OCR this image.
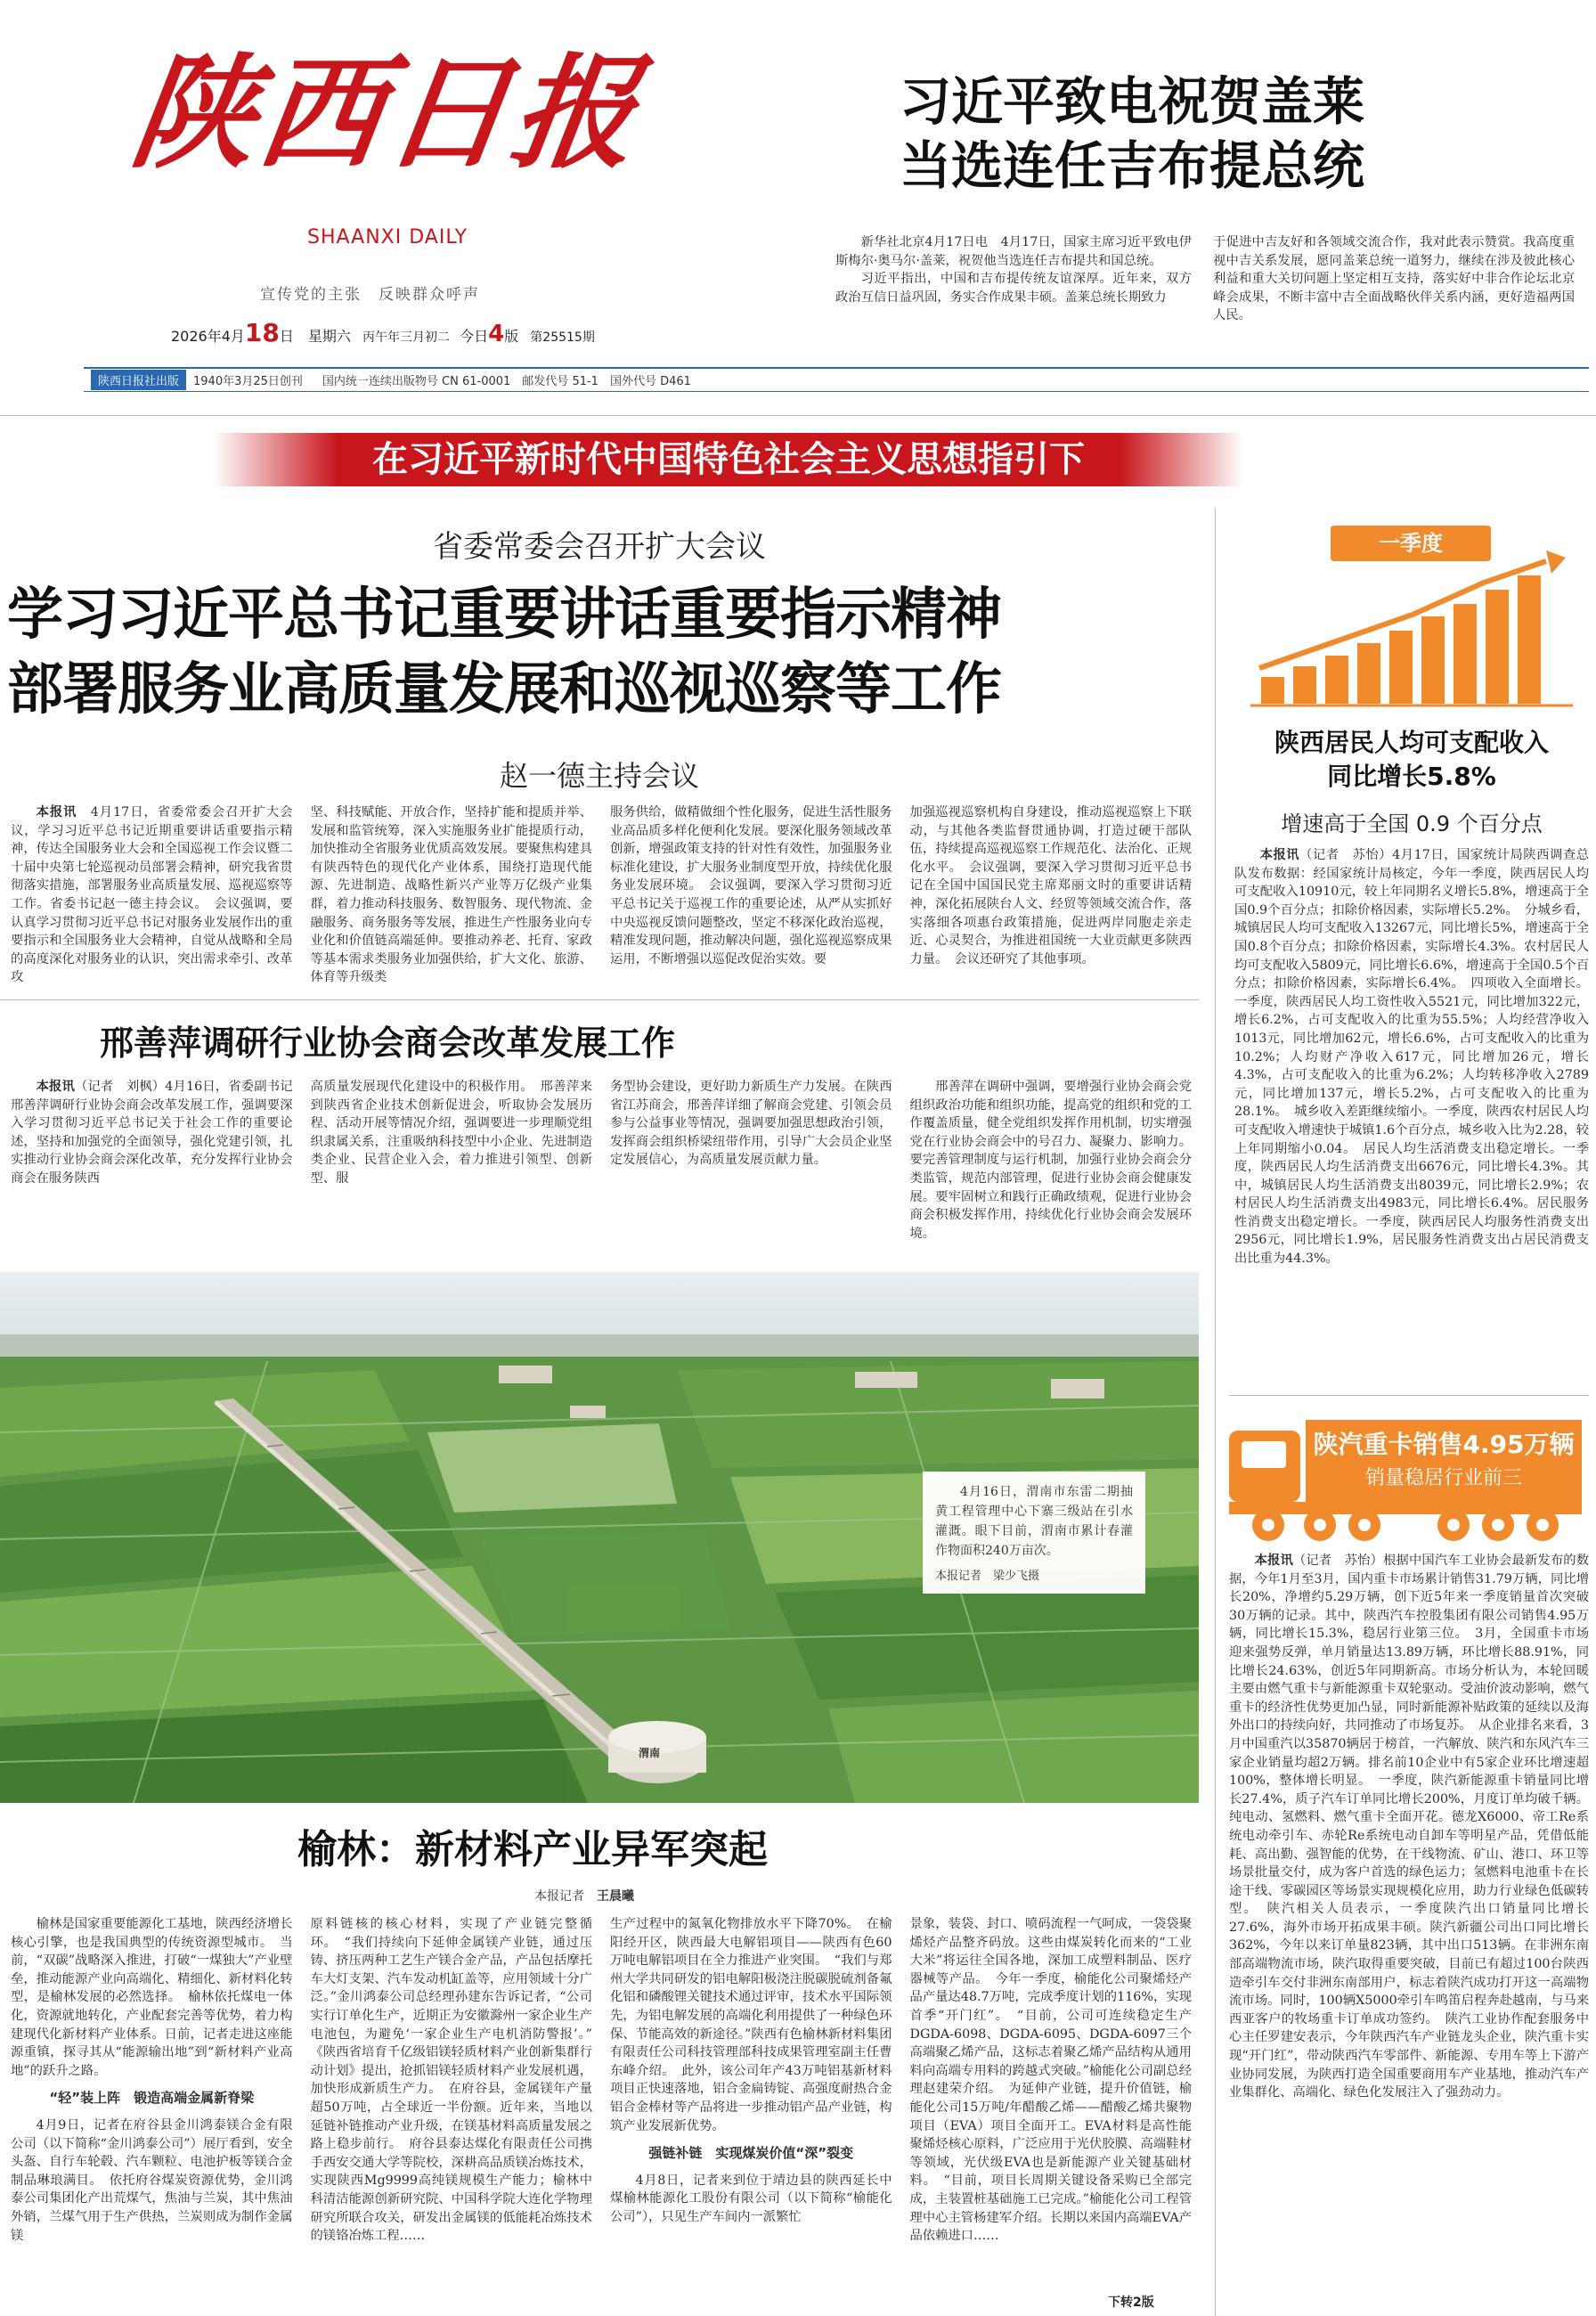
陕西日报
SHAANXI DAILY
宣传党的主张　反映群众呼声
2026年4月18日　星期六 丙午年三月初二 今日4版 第25515期
习近平致电祝贺盖莱
当选连任吉布提总统

新华社北京4月17日电　4月17日，国家主席习近平致电伊斯梅尔·奥马尔·盖莱，祝贺他当选连任吉布提共和国总统。

习近平指出，中国和吉布提传统友谊深厚。近年来，双方政治互信日益巩固，务实合作成果丰硕。盖莱总统长期致力

于促进中吉友好和各领域交流合作，我对此表示赞赏。我高度重视中吉关系发展，愿同盖莱总统一道努力，继续在涉及彼此核心利益和重大关切问题上坚定相互支持，落实好中非合作论坛北京峰会成果，不断丰富中吉全面战略伙伴关系内涵，更好造福两国人民。

陕西日报社出版	1940年3月25日创刊 国内统一连续出版物号 CN 61-0001　邮发代号 51-1　国外代号 D461
在习近平新时代中国特色社会主义思想指引下
省委常委会召开扩大会议
学习习近平总书记重要讲话重要指示精神
部署服务业高质量发展和巡视巡察等工作
赵一德主持会议

本报讯　4月17日，省委常委会召开扩大会议，学习习近平总书记近期重要讲话重要指示精神，传达全国服务业大会和全国巡视工作会议暨二十届中央第七轮巡视动员部署会精神，研究我省贯彻落实措施，部署服务业高质量发展、巡视巡察等工作。省委书记赵一德主持会议。　会议强调，要认真学习贯彻习近平总书记对服务业发展作出的重要指示和全国服务业大会精神，自觉从战略和全局的高度深化对服务业的认识，突出需求牵引、改革攻

坚、科技赋能、开放合作，坚持扩能和提质并举、发展和监管统筹，深入实施服务业扩能提质行动，加快推动全省服务业优质高效发展。要聚焦构建具有陕西特色的现代化产业体系，围绕打造现代能源、先进制造、战略性新兴产业等万亿级产业集群，着力推动科技服务、数智服务、现代物流、金融服务、商务服务等发展，推进生产性服务业向专业化和价值链高端延伸。要推动养老、托育、家政等基本需求类服务业加强供给，扩大文化、旅游、体育等升级类

服务供给，做精做细个性化服务，促进生活性服务业高品质多样化便利化发展。要深化服务领域改革创新，增强政策支持的针对性有效性，加强服务业标准化建设，扩大服务业制度型开放，持续优化服务业发展环境。　会议强调，要深入学习贯彻习近平总书记关于巡视工作的重要论述，从严从实抓好中央巡视反馈问题整改，坚定不移深化政治巡视，精准发现问题，推动解决问题，强化巡视巡察成果运用，不断增强以巡促改促治实效。要

加强巡视巡察机构自身建设，推动巡视巡察上下联动，与其他各类监督贯通协调，打造过硬干部队伍，持续提高巡视巡察工作规范化、法治化、正规化水平。　会议强调，要深入学习贯彻习近平总书记在全国中国国民党主席郑丽文时的重要讲话精神，深化拓展陕台人文、经贸等领域交流合作，落实落细各项惠台政策措施，促进两岸同胞走亲走近、心灵契合，为推进祖国统一大业贡献更多陕西力量。　会议还研究了其他事项。

邢善萍调研行业协会商会改革发展工作

本报讯（记者　刘枫）4月16日，省委副书记邢善萍调研行业协会商会改革发展工作，强调要深入学习贯彻习近平总书记关于社会工作的重要论述，坚持和加强党的全面领导，强化党建引领，扎实推动行业协会商会深化改革，充分发挥行业协会商会在服务陕西

高质量发展现代化建设中的积极作用。　邢善萍来到陕西省企业技术创新促进会，听取协会发展历程、活动开展等情况介绍，强调要进一步理顺党组织隶属关系，注重吸纳科技型中小企业、先进制造类企业、民营企业入会，着力推进引领型、创新型、服

务型协会建设，更好助力新质生产力发展。在陕西省江苏商会，邢善萍详细了解商会党建、引领会员参与公益事业等情况，强调要加强思想政治引领，发挥商会组织桥梁纽带作用，引导广大会员企业坚定发展信心，为高质量发展贡献力量。

邢善萍在调研中强调，要增强行业协会商会党组织政治功能和组织功能，提高党的组织和党的工作覆盖质量，健全党组织发挥作用机制，切实增强党在行业协会商会中的号召力、凝聚力、影响力。要完善管理制度与运行机制，加强行业协会商会分类监管，规范内部管理，促进行业协会商会健康发展。要牢固树立和践行正确政绩观，促进行业协会商会积极发挥作用，持续优化行业协会商会发展环境。

渭南
4月16日，渭南市东雷二期抽黄工程管理中心下寨三级站在引水灌溉。眼下目前，渭南市累计春灌作物面积240万亩次。
本报记者　 梁少飞摄
榆林：新材料产业异军突起
本报记者　 王晨曦

榆林是国家重要能源化工基地，陕西经济增长核心引擎，也是我国典型的传统资源型城市。　当前，“双碳”战略深入推进，打破“一煤独大”产业壁垒，推动能源产业向高端化、精细化、新材料化转型，是榆林发展的必然选择。　榆林依托煤电一体化，资源就地转化，产业配套完善等优势，着力构建现代化新材料产业体系。日前，记者走进这座能源重镇，探寻其从“能源输出地”到“新材料产业高地”的跃升之路。

“轻”装上阵　锻造高端金属新脊梁

4月9日，记者在府谷县金川鸿泰镁合金有限公司（以下简称“金川鸿泰公司”）展厅看到，安全头盔、自行车轮毂、汽车颗粒、电池护板等镁合金制品琳琅满目。　依托府谷煤炭资源优势，金川鸿泰公司集团化产出荒煤气，焦油与兰炭，其中焦油外销，兰煤气用于生产供热，兰炭则成为制作金属镁

原料链核的核心材料，实现了产业链完整循环。　“我们持续向下延伸金属镁产业链，通过压铸、挤压两种工艺生产镁合金产品，产品包括摩托车大灯支架、汽车发动机缸盖等，应用领域十分广泛。”金川鸿泰公司总经理孙建东告诉记者，“公司实行订单化生产，近期正为安徽滁州一家企业生产电池包，为避免‘一家企业生产电机消防警报’。”　《陕西省培育千亿级铝镁轻质材料产业创新集群行动计划》提出，抢抓铝镁轻质材料产业发展机遇，加快形成新质生产力。　在府谷县，金属镁年产量超50万吨，占全球近一半份额。近年来，当地以延链补链推动产业升级，在镁基材料高质量发展之路上稳步前行。　府谷县泰达煤化有限责任公司携手西安交通大学等院校，深耕高品质镁冶炼技术，实现陕西Mg9999高纯镁规模生产能力；榆林中科清洁能源创新研究院、中国科学院大连化学物理研究所联合攻关，研发出金属镁的低能耗冶炼技术的镁铬冶炼工程……

生产过程中的氮氧化物排放水平下降70%。　在榆阳经开区，陕西最大电解铝项目——陕西有色60万吨电解铝项目在全力推进产业突围。　“我们与郑州大学共同研发的铝电解阳极浇注脱碳脱硫剂备氟化铝和磷酸锂关键技术通过评审，技术水平国际领先，为铝电解发展的高端化利用提供了一种绿色环保、节能高效的新途径。”陕西有色榆林新材料集团有限责任公司科技管理部科技成果管理室副主任曹东峰介绍。　此外，该公司年产43万吨铝基新材料项目正快速落地，铝合金扁铸锭、高强度耐热合金铝合金棒材等产品将进一步推动铝产品产业链，构筑产业发展新优势。

强链补链　实现煤炭价值“深”裂变

4月8日，记者来到位于靖边县的陕西延长中煤榆林能源化工股份有限公司（以下简称“榆能化公司”），只见生产车间内一派繁忙

景象，装袋、封口、喷码流程一气呵成，一袋袋聚烯烃产品整齐码放。这些由煤炭转化而来的“工业大米”将运往全国各地，深加工成塑料制品、医疗器械等产品。　今年一季度，榆能化公司聚烯烃产品产量达48.7万吨，完成季度计划的116%，实现首季“开门红”。　“目前，公司可连续稳定生产DGDA-6098、DGDA-6095、DGDA-6097三个高端聚乙烯产品，这标志着聚乙烯产品结构从通用料向高端专用料的跨越式突破。”榆能化公司副总经理赵建荣介绍。　为延伸产业链，提升价值链，榆能化公司15万吨/年醋酸乙烯——醋酸乙烯共聚物项目（EVA）项目全面开工。EVA材料是高性能聚烯烃核心原料，广泛应用于光伏胶膜、高端鞋材等领域，光伏级EVA也是新能源产业关键基础材料。　“目前，项目长周期关键设备采购已全部完成，主装置桩基础施工已完成。”榆能化公司工程管理中心主管杨建军介绍。长期以来国内高端EVA产品依赖进口……

下转2版
一季度
陕西居民人均可支配收入
同比增长5.8%
增速高于全国 0.9 个百分点

本报讯（记者　苏怡）4月17日，国家统计局陕西调查总队发布数据：经国家统计局核定，今年一季度，陕西居民人均可支配收入10910元，较上年同期名义增长5.8%，增速高于全国0.9个百分点；扣除价格因素，实际增长5.2%。　分城乡看，城镇居民人均可支配收入13267元，同比增长5%，增速高于全国0.8个百分点；扣除价格因素，实际增长4.3%。农村居民人均可支配收入5809元，同比增长6.6%，增速高于全国0.5个百分点；扣除价格因素，实际增长6.4%。　四项收入全面增长。一季度，陕西居民人均工资性收入5521元，同比增加322元，增长6.2%，占可支配收入的比重为55.5%；人均经营净收入1013元，同比增加62元，增长6.6%，占可支配收入的比重为10.2%；人均财产净收入617元，同比增加26元，增长4.3%，占可支配收入的比重为6.2%；人均转移净收入2789元，同比增加137元，增长5.2%，占可支配收入的比重为28.1%。　城乡收入差距继续缩小。一季度，陕西农村居民人均可支配收入增速快于城镇1.6个百分点，城乡收入比为2.28，较上年同期缩小0.04。　居民人均生活消费支出稳定增长。一季度，陕西居民人均生活消费支出6676元，同比增长4.3%。其中，城镇居民人均生活消费支出8039元，同比增长2.9%；农村居民人均生活消费支出4983元，同比增长6.4%。居民服务性消费支出稳定增长。一季度，陕西居民人均服务性消费支出2956元，同比增长1.9%，居民服务性消费支出占居民消费支出比重为44.3%。

陕汽重卡销售4.95万辆
销量稳居行业前三

本报讯（记者　苏怡）根据中国汽车工业协会最新发布的数据，今年1月至3月，国内重卡市场累计销售31.79万辆，同比增长20%，净增约5.29万辆，创下近5年来一季度销量首次突破30万辆的记录。其中，陕西汽车控股集团有限公司销售4.95万辆，同比增长15.3%，稳居行业第三位。　3月，全国重卡市场迎来强势反弹，单月销量达13.89万辆，环比增长88.91%，同比增长24.63%，创近5年同期新高。市场分析认为，本轮回暖主要由燃气重卡与新能源重卡双轮驱动。受油价波动影响，燃气重卡的经济性优势更加凸显，同时新能源补贴政策的延续以及海外出口的持续向好，共同推动了市场复苏。　从企业排名来看，3月中国重汽以35870辆居于榜首，一汽解放、陕汽和东风汽车三家企业销量均超2万辆。排名前10企业中有5家企业环比增速超100%，整体增长明显。　一季度，陕汽新能源重卡销量同比增长27.4%，质子汽车订单同比增长200%，月度订单均破千辆。纯电动、氢燃料、燃气重卡全面开花。德龙X6000、帝工Re系统电动牵引车、赤轮Re系统电动自卸车等明星产品，凭借低能耗、高出勤、强智能的优势，在干线物流、矿山、港口、环卫等场景批量交付，成为客户首选的绿色运力；氢燃料电池重卡在长途干线、零碳园区等场景实现规模化应用，助力行业绿色低碳转型。　陕汽相关人员表示，一季度陕汽出口销量同比增长27.6%，海外市场开拓成果丰硕。陕汽新疆公司出口同比增长362%，今年以来订单量823辆，其中出口513辆。在非洲东南部高端物流市场，陕汽取得重要突破，目前已有超过100台陕西造牵引车交付非洲东南部用户，标志着陕汽成功打开这一高端物流市场。同时，100辆X5000牵引车鸣笛启程奔赴越南，与马来西亚客户的牧场重卡订单成功签约。　陕汽工业协作配套服务中心主任罗建安表示，今年陕西汽车产业链龙头企业，陕汽重卡实现“开门红”，带动陕西汽车零部件、新能源、专用车等上下游产业协同发展，为陕西打造全国重要商用车产业基地，推动汽车产业集群化、高端化、绿色化发展注入了强劲动力。
